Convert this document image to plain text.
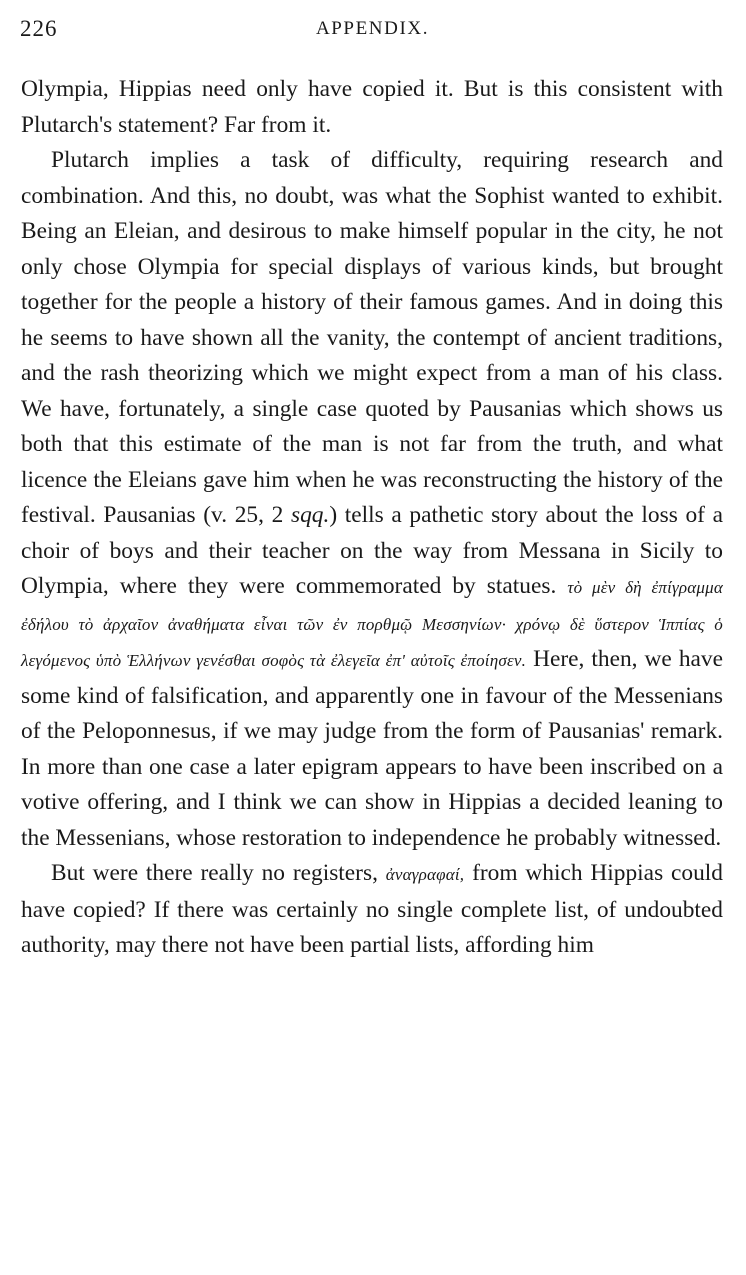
226	APPENDIX.

Olympia, Hippias need only have copied it. But is this consistent with Plutarch's statement? Far from it.

Plutarch implies a task of difficulty, requiring research and combination. And this, no doubt, was what the Sophist wanted to exhibit. Being an Eleian, and desirous to make himself popular in the city, he not only chose Olympia for special displays of various kinds, but brought together for the people a history of their famous games. And in doing this he seems to have shown all the vanity, the contempt of ancient traditions, and the rash theorizing which we might expect from a man of his class. We have, fortunately, a single case quoted by Pausanias which shows us both that this estimate of the man is not far from the truth, and what licence the Eleians gave him when he was reconstructing the history of the festival. Pausanias (v. 25, 2 sqq.) tells a pathetic story about the loss of a choir of boys and their teacher on the way from Messana in Sicily to Olympia, where they were commemorated by statues. τὸ μὲν δὴ ἐπίγραμμα ἐδήλου τὸ ἀρχαῖον ἀναθήματα εἶναι τῶν ἐν πορθμῷ Μεσσηνίων· χρόνῳ δὲ ὕστερον Ἱππίας ὁ λεγόμενος ὑπὸ Ἑλλήνων γενέσθαι σοφὸς τὰ ἐλεγεῖα ἐπ' αὐτοῖς ἐποίησεν. Here, then, we have some kind of falsification, and apparently one in favour of the Messenians of the Peloponnesus, if we may judge from the form of Pausanias' remark. In more than one case a later epigram appears to have been inscribed on a votive offering, and I think we can show in Hippias a decided leaning to the Messenians, whose restoration to independence he probably witnessed.

But were there really no registers, ἀναγραφαί, from which Hippias could have copied? If there was certainly no single complete list, of undoubted authority, may there not have been partial lists, affording him
